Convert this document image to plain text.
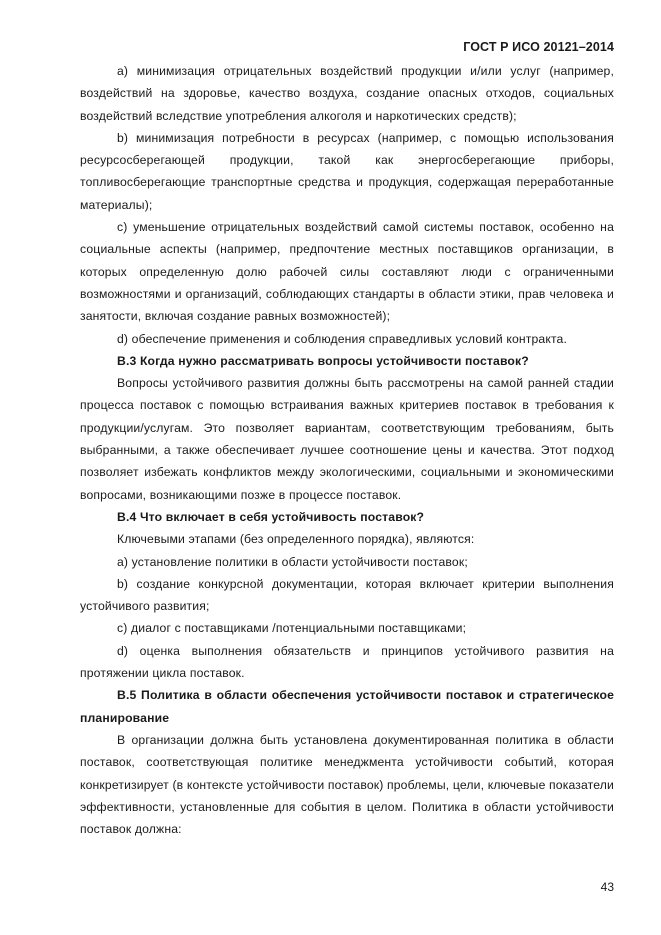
ГОСТ Р ИСО 20121–2014

а) минимизация отрицательных воздействий продукции и/или услуг (например, воздействий на здоровье, качество воздуха, создание опасных отходов, социальных воздействий вследствие употребления алкоголя и наркотических средств);

b) минимизация потребности в ресурсах (например, с помощью использования ресурсосберегающей продукции, такой как энергосберегающие приборы, топливосберегающие транспортные средства и продукция, содержащая переработанные материалы);

c) уменьшение отрицательных воздействий самой системы поставок, особенно на социальные аспекты (например, предпочтение местных поставщиков организации, в которых определенную долю рабочей силы составляют люди с ограниченными возможностями и организаций, соблюдающих стандарты в области этики, прав человека и занятости, включая создание равных возможностей);

d) обеспечение применения и соблюдения справедливых условий контракта.

В.3 Когда нужно рассматривать вопросы устойчивости поставок?

Вопросы устойчивого развития должны быть рассмотрены на самой ранней стадии процесса поставок с помощью встраивания важных критериев поставок в требования к продукции/услугам. Это позволяет вариантам, соответствующим требованиям, быть выбранными, а также обеспечивает лучшее соотношение цены и качества. Этот подход позволяет избежать конфликтов между экологическими, социальными и экономическими вопросами, возникающими позже в процессе поставок.

В.4 Что включает в себя устойчивость поставок?

Ключевыми этапами (без определенного порядка), являются:

а) установление политики в области устойчивости поставок;

b) создание конкурсной документации, которая включает критерии выполнения устойчивого развития;

c) диалог с поставщиками /потенциальными поставщиками;

d) оценка выполнения обязательств и принципов устойчивого развития на протяжении цикла поставок.

В.5 Политика в области обеспечения устойчивости поставок и стратегическое планирование

В организации должна быть установлена документированная политика в области поставок, соответствующая политике менеджмента устойчивости событий, которая конкретизирует (в контексте устойчивости поставок) проблемы, цели, ключевые показатели эффективности, установленные для события в целом. Политика в области устойчивости поставок должна:

43
